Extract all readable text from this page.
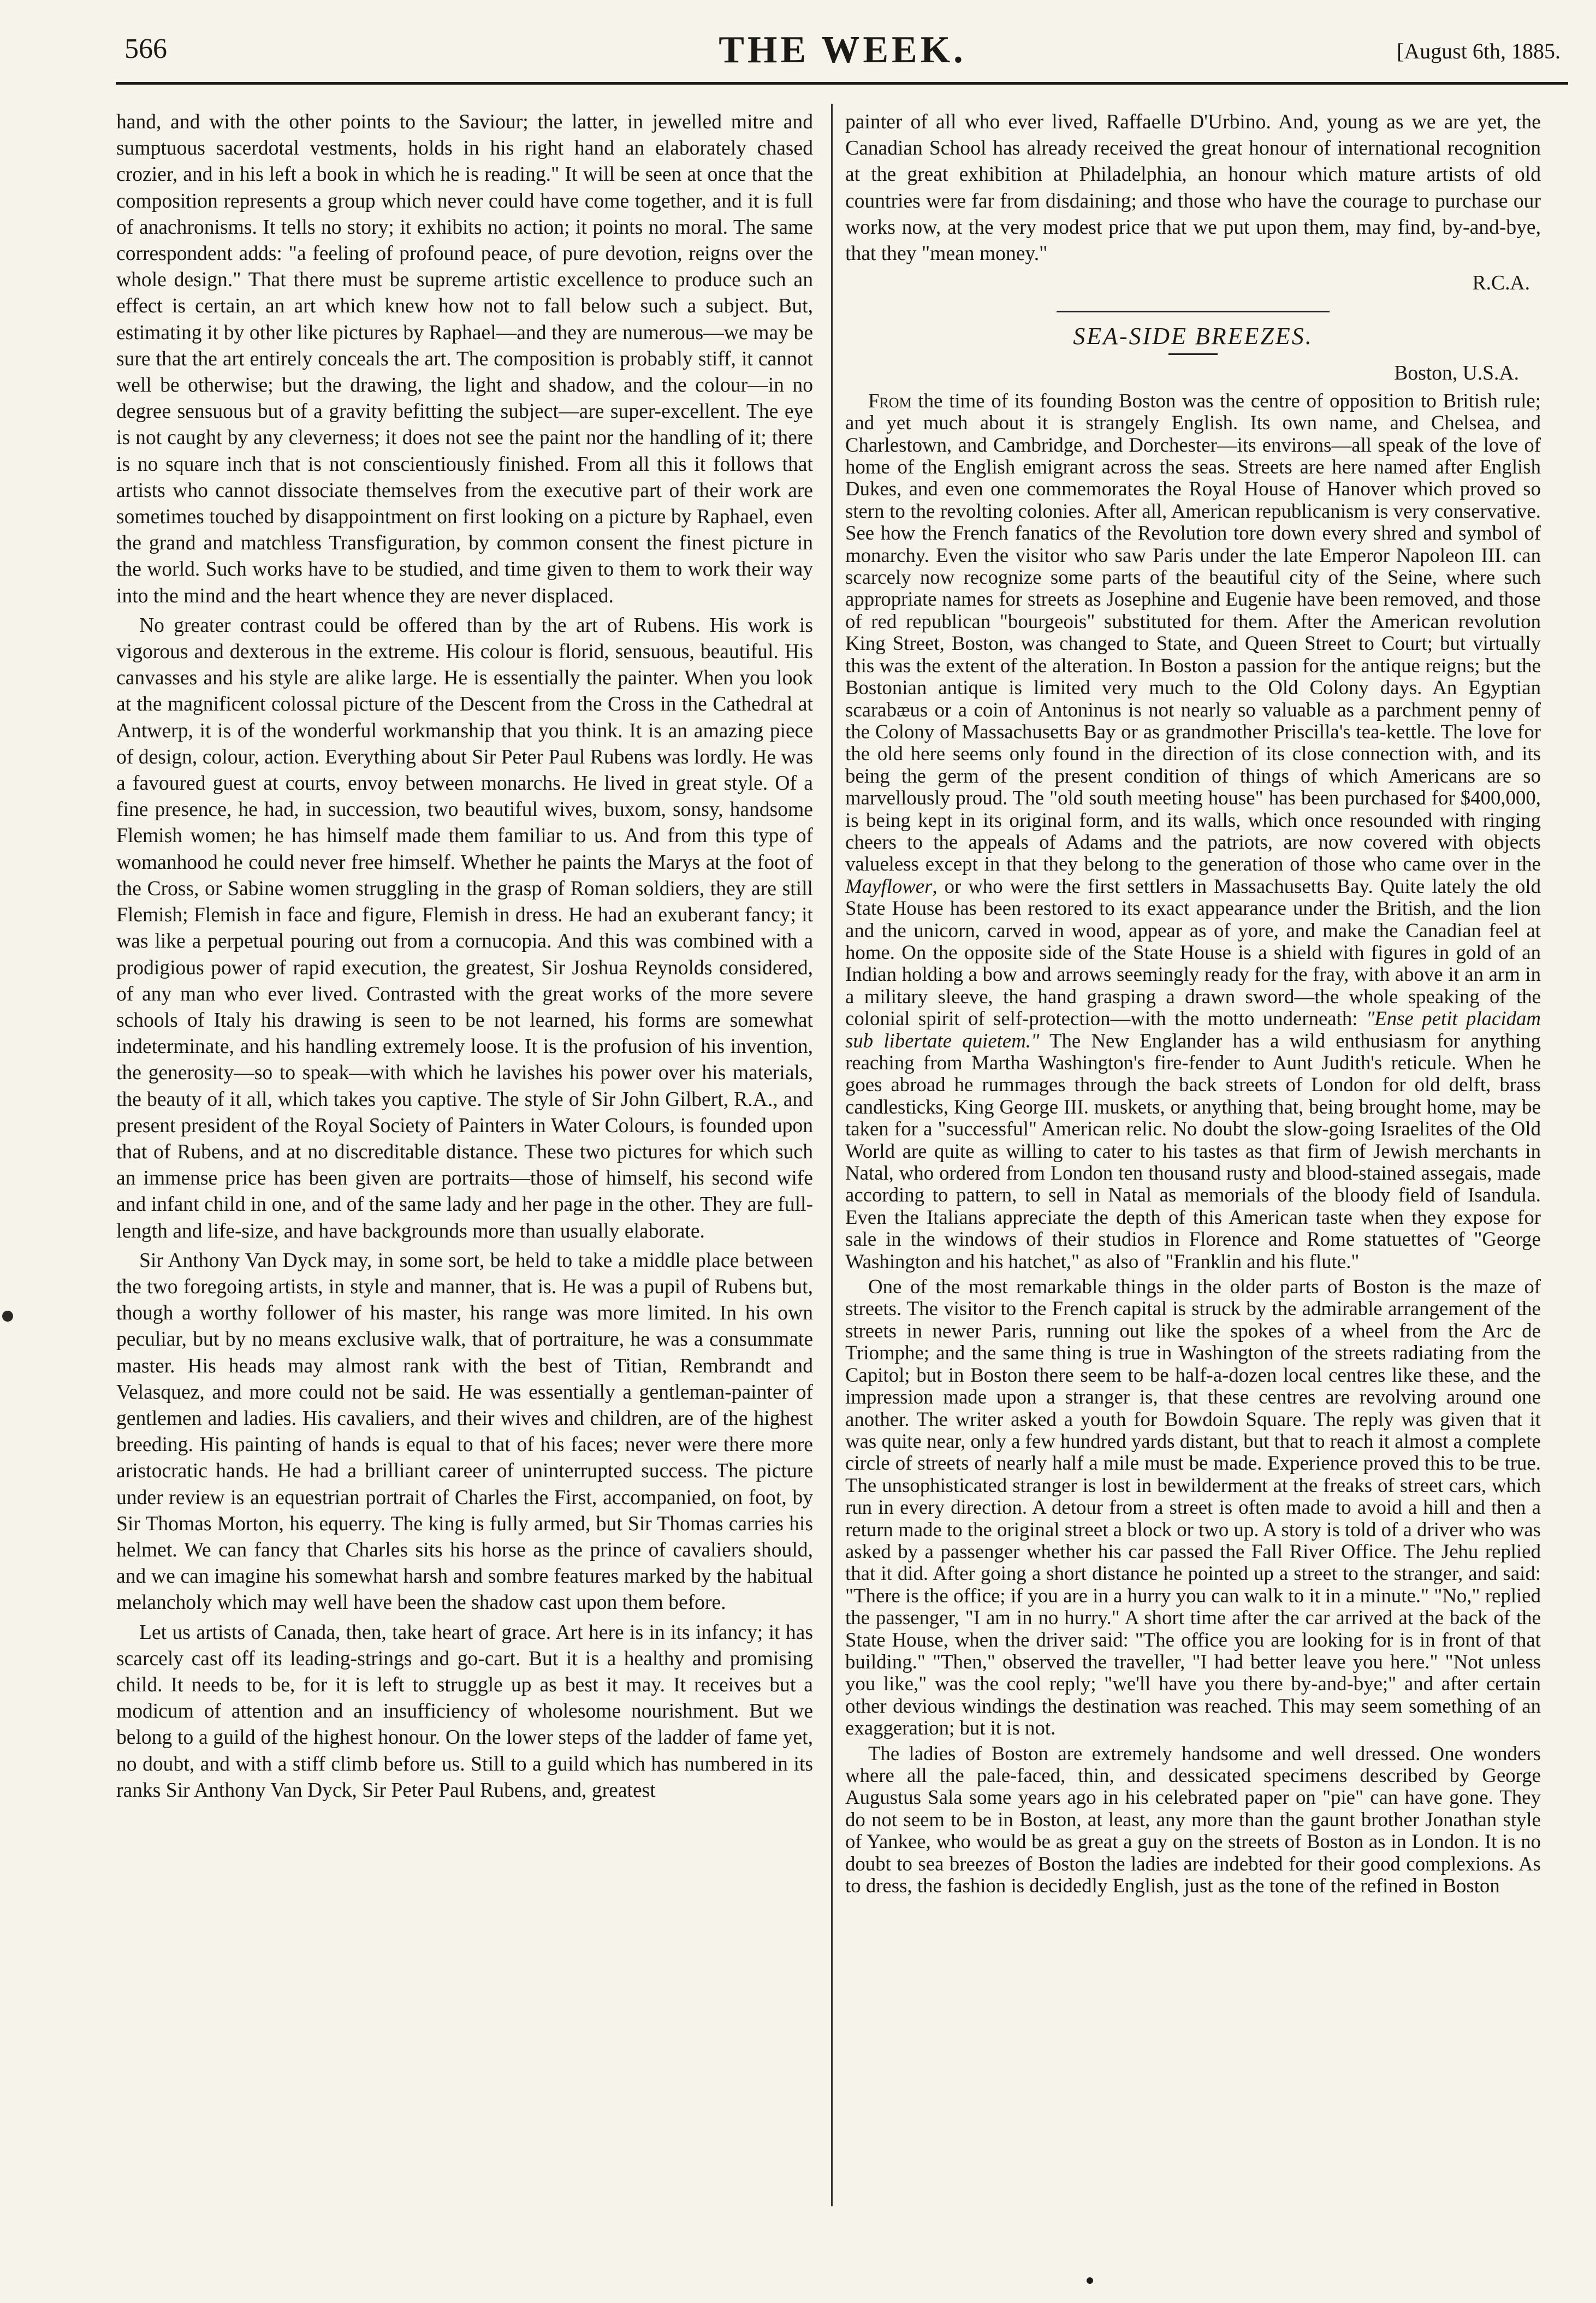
566	THE WEEK.	[August 6th, 1885.

hand, and with the other points to the Saviour; the latter, in jewelled mitre and sumptuous sacerdotal vestments, holds in his right hand an elaborately chased crozier, and in his left a book in which he is reading." It will be seen at once that the composition represents a group which never could have come together, and it is full of anachronisms. It tells no story; it exhibits no action; it points no moral. The same correspondent adds: "a feeling of profound peace, of pure devotion, reigns over the whole design." That there must be supreme artistic excellence to produce such an effect is certain, an art which knew how not to fall below such a subject. But, estimating it by other like pictures by Raphael—and they are numerous—we may be sure that the art entirely conceals the art. The composition is probably stiff, it cannot well be otherwise; but the drawing, the light and shadow, and the colour—in no degree sensuous but of a gravity befitting the subject—are super-excellent. The eye is not caught by any cleverness; it does not see the paint nor the handling of it; there is no square inch that is not conscientiously finished. From all this it follows that artists who cannot dissociate themselves from the executive part of their work are sometimes touched by disappointment on first looking on a picture by Raphael, even the grand and matchless Transfiguration, by common consent the finest picture in the world. Such works have to be studied, and time given to them to work their way into the mind and the heart whence they are never displaced.

No greater contrast could be offered than by the art of Rubens. His work is vigorous and dexterous in the extreme. His colour is florid, sensuous, beautiful. His canvasses and his style are alike large. He is essentially the painter. When you look at the magnificent colossal picture of the Descent from the Cross in the Cathedral at Antwerp, it is of the wonderful workmanship that you think. It is an amazing piece of design, colour, action. Everything about Sir Peter Paul Rubens was lordly. He was a favoured guest at courts, envoy between monarchs. He lived in great style. Of a fine presence, he had, in succession, two beautiful wives, buxom, sonsy, handsome Flemish women; he has himself made them familiar to us. And from this type of womanhood he could never free himself. Whether he paints the Marys at the foot of the Cross, or Sabine women struggling in the grasp of Roman soldiers, they are still Flemish; Flemish in face and figure, Flemish in dress. He had an exuberant fancy; it was like a perpetual pouring out from a cornucopia. And this was combined with a prodigious power of rapid execution, the greatest, Sir Joshua Reynolds considered, of any man who ever lived. Contrasted with the great works of the more severe schools of Italy his drawing is seen to be not learned, his forms are somewhat indeterminate, and his handling extremely loose. It is the profusion of his invention, the generosity—so to speak—with which he lavishes his power over his materials, the beauty of it all, which takes you captive. The style of Sir John Gilbert, R.A., and present president of the Royal Society of Painters in Water Colours, is founded upon that of Rubens, and at no discreditable distance. These two pictures for which such an immense price has been given are portraits—those of himself, his second wife and infant child in one, and of the same lady and her page in the other. They are full-length and life-size, and have backgrounds more than usually elaborate.

Sir Anthony Van Dyck may, in some sort, be held to take a middle place between the two foregoing artists, in style and manner, that is. He was a pupil of Rubens but, though a worthy follower of his master, his range was more limited. In his own peculiar, but by no means exclusive walk, that of portraiture, he was a consummate master. His heads may almost rank with the best of Titian, Rembrandt and Velasquez, and more could not be said. He was essentially a gentleman-painter of gentlemen and ladies. His cavaliers, and their wives and children, are of the highest breeding. His painting of hands is equal to that of his faces; never were there more aristocratic hands. He had a brilliant career of uninterrupted success. The picture under review is an equestrian portrait of Charles the First, accompanied, on foot, by Sir Thomas Morton, his equerry. The king is fully armed, but Sir Thomas carries his helmet. We can fancy that Charles sits his horse as the prince of cavaliers should, and we can imagine his somewhat harsh and sombre features marked by the habitual melancholy which may well have been the shadow cast upon them before.

Let us artists of Canada, then, take heart of grace. Art here is in its infancy; it has scarcely cast off its leading-strings and go-cart. But it is a healthy and promising child. It needs to be, for it is left to struggle up as best it may. It receives but a modicum of attention and an insufficiency of wholesome nourishment. But we belong to a guild of the highest honour. On the lower steps of the ladder of fame yet, no doubt, and with a stiff climb before us. Still to a guild which has numbered in its ranks Sir Anthony Van Dyck, Sir Peter Paul Rubens, and, greatest

painter of all who ever lived, Raffaelle D'Urbino. And, young as we are yet, the Canadian School has already received the great honour of international recognition at the great exhibition at Philadelphia, an honour which mature artists of old countries were far from disdaining; and those who have the courage to purchase our works now, at the very modest price that we put upon them, may find, by-and-bye, that they "mean money."

R.C.A.

SEA-SIDE BREEZES.
Boston, U.S.A.

From the time of its founding Boston was the centre of opposition to British rule; and yet much about it is strangely English. Its own name, and Chelsea, and Charlestown, and Cambridge, and Dorchester—its environs—all speak of the love of home of the English emigrant across the seas. Streets are here named after English Dukes, and even one commemorates the Royal House of Hanover which proved so stern to the revolting colonies. After all, American republicanism is very conservative. See how the French fanatics of the Revolution tore down every shred and symbol of monarchy. Even the visitor who saw Paris under the late Emperor Napoleon III. can scarcely now recognize some parts of the beautiful city of the Seine, where such appropriate names for streets as Josephine and Eugenie have been removed, and those of red republican "bourgeois" substituted for them. After the American revolution King Street, Boston, was changed to State, and Queen Street to Court; but virtually this was the extent of the alteration. In Boston a passion for the antique reigns; but the Bostonian antique is limited very much to the Old Colony days. An Egyptian scarabæus or a coin of Antoninus is not nearly so valuable as a parchment penny of the Colony of Massachusetts Bay or as grandmother Priscilla's tea-kettle. The love for the old here seems only found in the direction of its close connection with, and its being the germ of the present condition of things of which Americans are so marvellously proud. The "old south meeting house" has been purchased for $400,000, is being kept in its original form, and its walls, which once resounded with ringing cheers to the appeals of Adams and the patriots, are now covered with objects valueless except in that they belong to the generation of those who came over in the Mayflower, or who were the first settlers in Massachusetts Bay. Quite lately the old State House has been restored to its exact appearance under the British, and the lion and the unicorn, carved in wood, appear as of yore, and make the Canadian feel at home. On the opposite side of the State House is a shield with figures in gold of an Indian holding a bow and arrows seemingly ready for the fray, with above it an arm in a military sleeve, the hand grasping a drawn sword—the whole speaking of the colonial spirit of self-protection—with the motto underneath: "Ense petit placidam sub libertate quietem." The New Englander has a wild enthusiasm for anything reaching from Martha Washington's fire-fender to Aunt Judith's reticule. When he goes abroad he rummages through the back streets of London for old delft, brass candlesticks, King George III. muskets, or anything that, being brought home, may be taken for a "successful" American relic. No doubt the slow-going Israelites of the Old World are quite as willing to cater to his tastes as that firm of Jewish merchants in Natal, who ordered from London ten thousand rusty and blood-stained assegais, made according to pattern, to sell in Natal as memorials of the bloody field of Isandula. Even the Italians appreciate the depth of this American taste when they expose for sale in the windows of their studios in Florence and Rome statuettes of "George Washington and his hatchet," as also of "Franklin and his flute."

One of the most remarkable things in the older parts of Boston is the maze of streets. The visitor to the French capital is struck by the admirable arrangement of the streets in newer Paris, running out like the spokes of a wheel from the Arc de Triomphe; and the same thing is true in Washington of the streets radiating from the Capitol; but in Boston there seem to be half-a-dozen local centres like these, and the impression made upon a stranger is, that these centres are revolving around one another. The writer asked a youth for Bowdoin Square. The reply was given that it was quite near, only a few hundred yards distant, but that to reach it almost a complete circle of streets of nearly half a mile must be made. Experience proved this to be true. The unsophisticated stranger is lost in bewilderment at the freaks of street cars, which run in every direction. A detour from a street is often made to avoid a hill and then a return made to the original street a block or two up. A story is told of a driver who was asked by a passenger whether his car passed the Fall River Office. The Jehu replied that it did. After going a short distance he pointed up a street to the stranger, and said: "There is the office; if you are in a hurry you can walk to it in a minute." "No," replied the passenger, "I am in no hurry." A short time after the car arrived at the back of the State House, when the driver said: "The office you are looking for is in front of that building." "Then," observed the traveller, "I had better leave you here." "Not unless you like," was the cool reply; "we'll have you there by-and-bye;" and after certain other devious windings the destination was reached. This may seem something of an exaggeration; but it is not.

The ladies of Boston are extremely handsome and well dressed. One wonders where all the pale-faced, thin, and dessicated specimens described by George Augustus Sala some years ago in his celebrated paper on "pie" can have gone. They do not seem to be in Boston, at least, any more than the gaunt brother Jonathan style of Yankee, who would be as great a guy on the streets of Boston as in London. It is no doubt to sea breezes of Boston the ladies are indebted for their good complexions. As to dress, the fashion is decidedly English, just as the tone of the refined in Boston
